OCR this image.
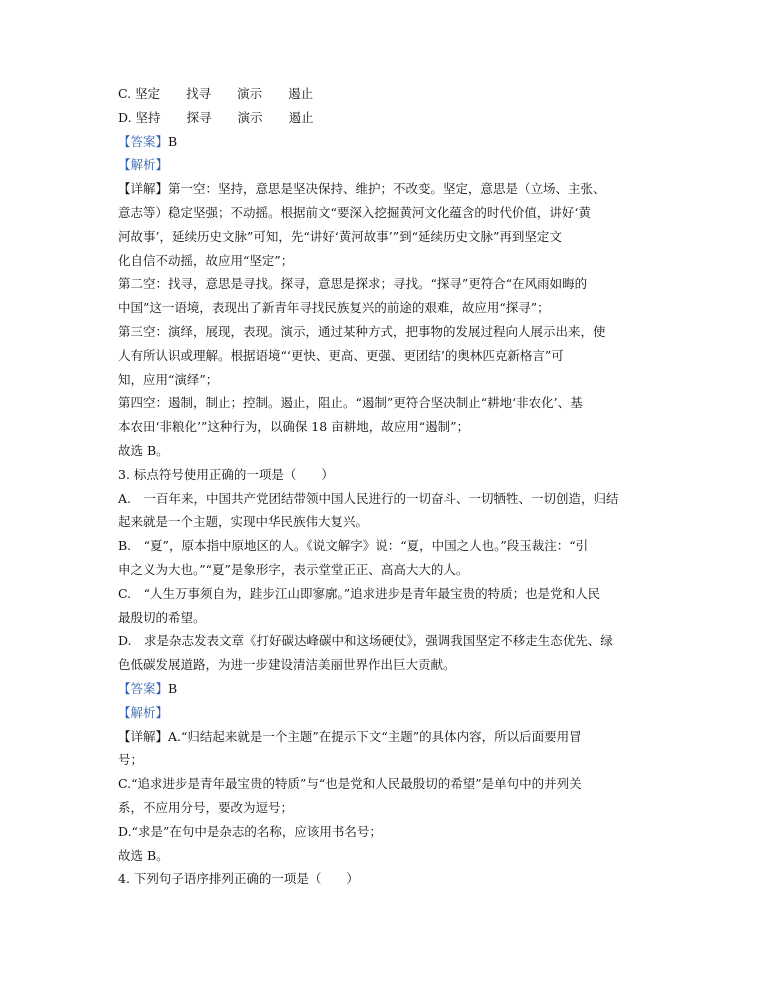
C. 坚定 找寻 演示 遏止
D. 坚持 探寻 演示 遏止
【答案】B
【解析】
【详解】第一空：坚持，意思是坚决保持、维护；不改变。坚定，意思是（立场、主张、
意志等）稳定坚强；不动摇。根据前文“要深入挖掘黄河文化蕴含的时代价值，讲好‘黄
河故事’，延续历史文脉”可知，先“讲好‘黄河故事’”到“延续历史文脉”再到坚定文
化自信不动摇，故应用“坚定”；
第二空：找寻，意思是寻找。探寻，意思是探求；寻找。“探寻”更符合“在风雨如晦的
中国”这一语境，表现出了新青年寻找民族复兴的前途的艰难，故应用“探寻”；
第三空：演绎，展现，表现。演示，通过某种方式，把事物的发展过程向人展示出来，使
人有所认识或理解。根据语境“‘更快、更高、更强、更团结’的奥林匹克新格言”可
知，应用“演绎”；
第四空：遏制，制止；控制。遏止，阻止。“遏制”更符合坚决制止“耕地‘非农化’、基
本农田‘非粮化’”这种行为，以确保 18 亩耕地，故应用“遏制”；
故选 B。
3. 标点符号使用正确的一项是（　　）
A.　一百年来，中国共产党团结带领中国人民进行的一切奋斗、一切牺牲、一切创造，归结
起来就是一个主题，实现中华民族伟大复兴。
B.　“夏”，原本指中原地区的人。《说文解字》说：“夏，中国之人也。”段玉裁注：“引
申之义为大也。”“夏”是象形字，表示堂堂正正、高高大大的人。
C.　“人生万事须自为，跬步江山即寥廓。”追求进步是青年最宝贵的特质；也是党和人民
最殷切的希望。
D.　求是杂志发表文章《打好碳达峰碳中和这场硬仗》，强调我国坚定不移走生态优先、绿
色低碳发展道路，为进一步建设清洁美丽世界作出巨大贡献。
【答案】B
【解析】
【详解】A.“归结起来就是一个主题”在提示下文“主题”的具体内容，所以后面要用冒
号；
C.“追求进步是青年最宝贵的特质”与“也是党和人民最殷切的希望”是单句中的并列关
系，不应用分号，要改为逗号；
D.“求是”在句中是杂志的名称，应该用书名号；
故选 B。
4. 下列句子语序排列正确的一项是（　　）
